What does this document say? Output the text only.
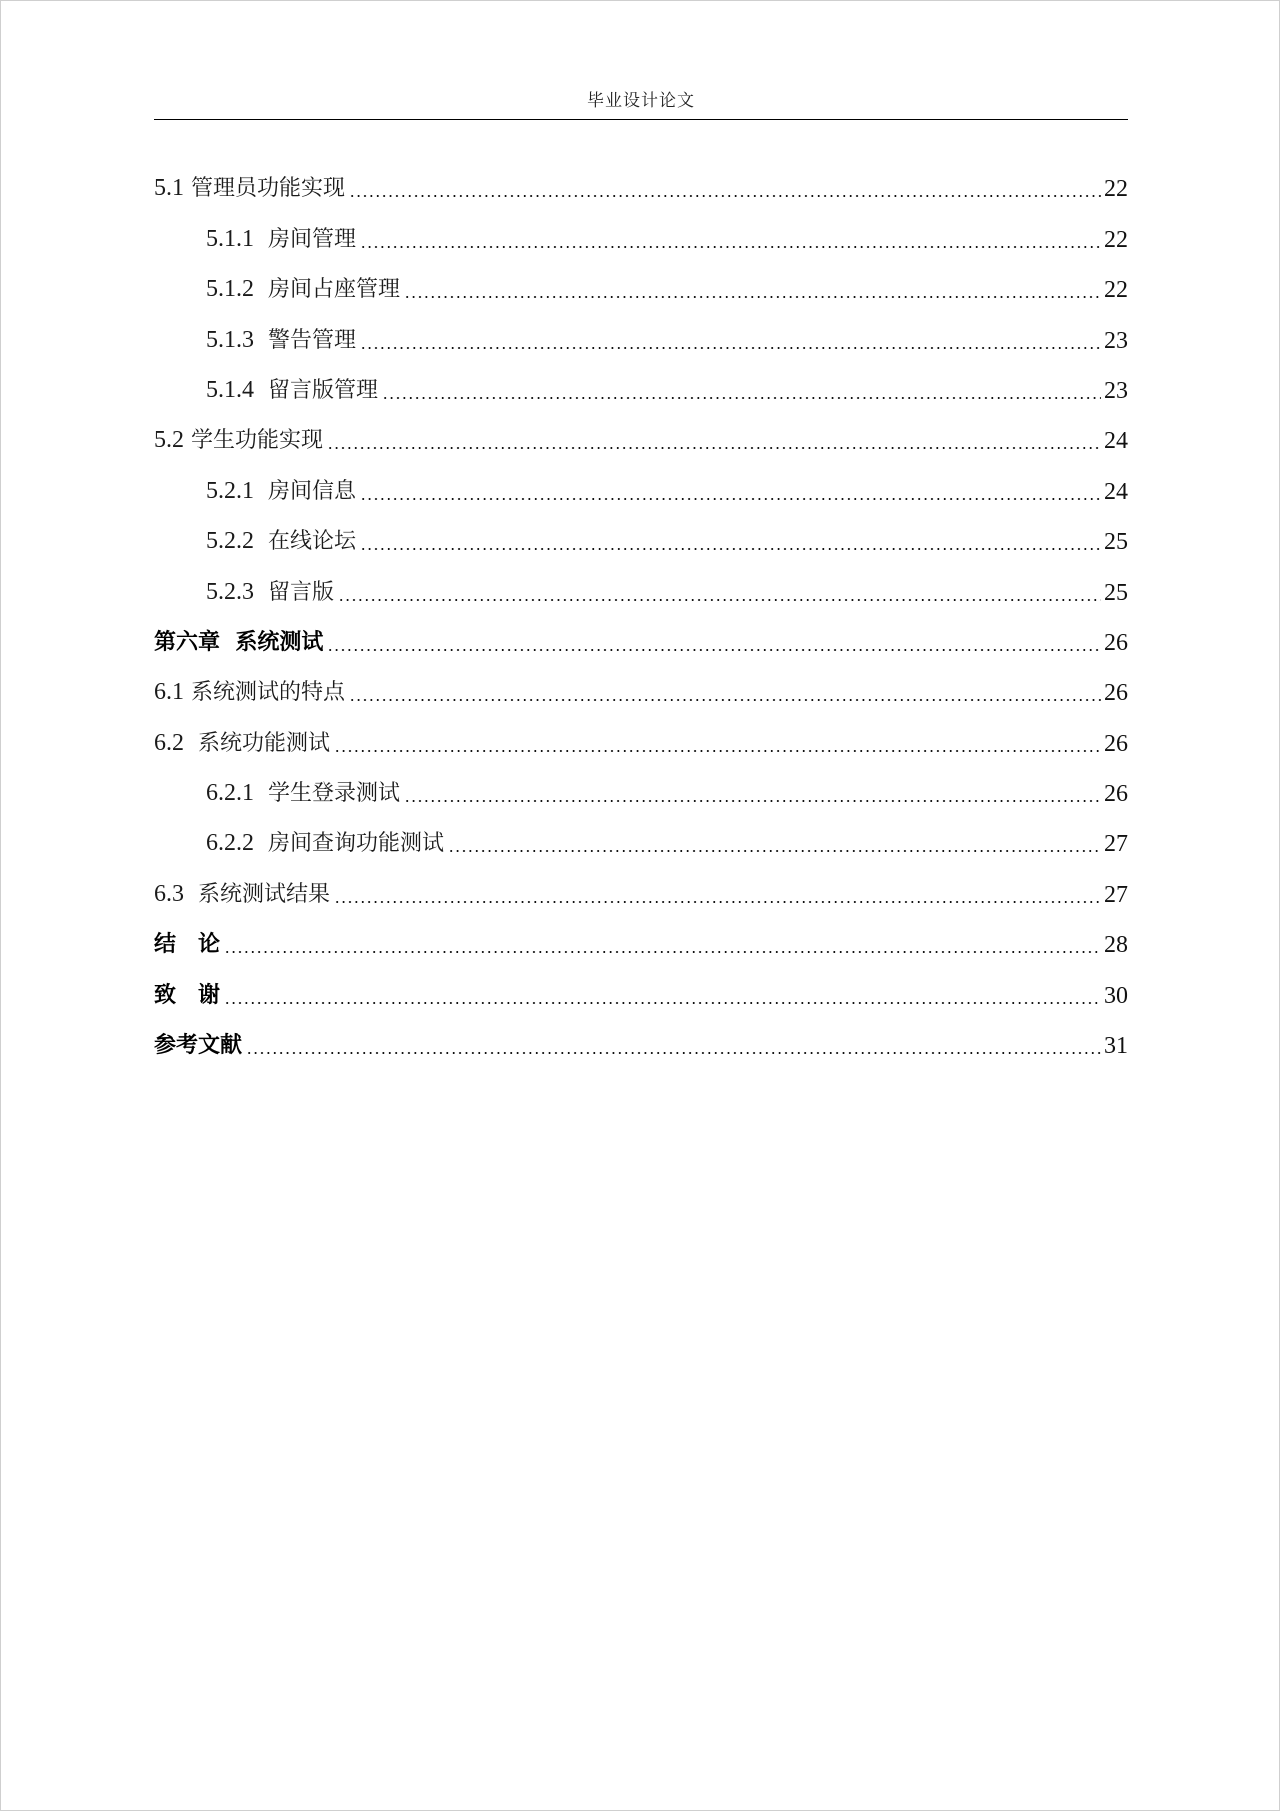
毕业设计论文
5.1 管理员功能实现	22
5.1.1 房间管理	22
5.1.2 房间占座管理	22
5.1.3 警告管理	23
5.1.4 留言版管理	23
5.2 学生功能实现	24
5.2.1 房间信息	24
5.2.2 在线论坛	25
5.2.3 留言版	25
第六章  系统测试	26
6.1 系统测试的特点	26
6.2 系统功能测试	26
6.2.1 学生登录测试	26
6.2.2 房间查询功能测试	27
6.3 系统测试结果	27
结　论	28
致　谢	30
参考文献	31
